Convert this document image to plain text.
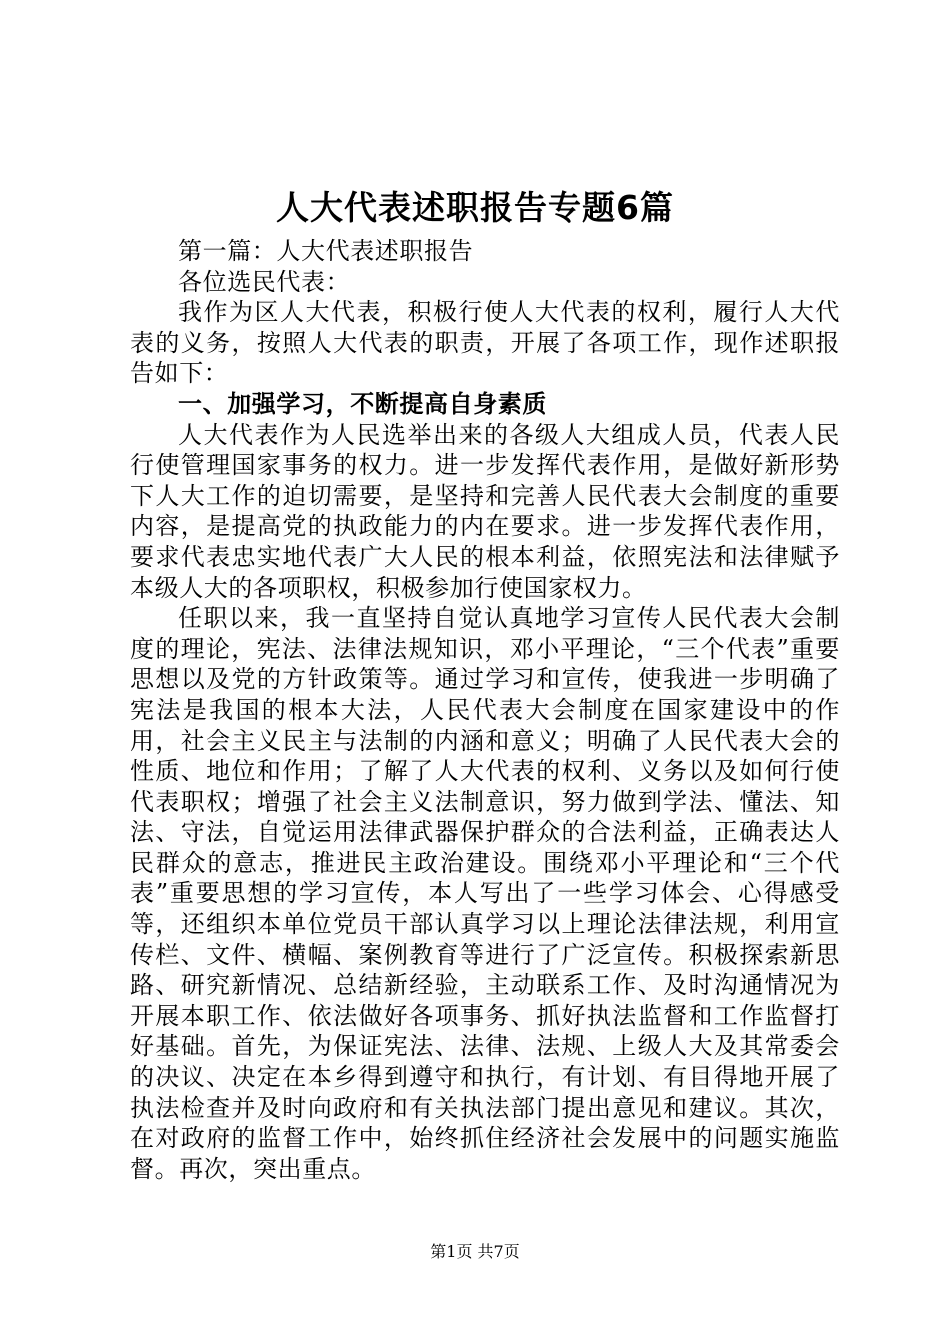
人大代表述职报告专题6篇

第一篇：人大代表述职报告

各位选民代表：

我作为区人大代表，积极行使人大代表的权利，履行人大代表的义务，按照人大代表的职责，开展了各项工作，现作述职报告如下：

一、加强学习，不断提高自身素质

人大代表作为人民选举出来的各级人大组成人员，代表人民行使管理国家事务的权力。进一步发挥代表作用，是做好新形势下人大工作的迫切需要，是坚持和完善人民代表大会制度的重要内容，是提高党的执政能力的内在要求。进一步发挥代表作用，要求代表忠实地代表广大人民的根本利益，依照宪法和法律赋予本级人大的各项职权，积极参加行使国家权力。

任职以来，我一直坚持自觉认真地学习宣传人民代表大会制度的理论，宪法、法律法规知识，邓小平理论，“三个代表”重要思想以及党的方针政策等。通过学习和宣传，使我进一步明确了宪法是我国的根本大法，人民代表大会制度在国家建设中的作用，社会主义民主与法制的内涵和意义；明确了人民代表大会的性质、地位和作用；了解了人大代表的权利、义务以及如何行使代表职权；增强了社会主义法制意识，努力做到学法、懂法、知法、守法，自觉运用法律武器保护群众的合法利益，正确表达人民群众的意志，推进民主政治建设。围绕邓小平理论和“三个代表”重要思想的学习宣传，本人写出了一些学习体会、心得感受等，还组织本单位党员干部认真学习以上理论法律法规，利用宣传栏、文件、横幅、案例教育等进行了广泛宣传。积极探索新思路、研究新情况、总结新经验，主动联系工作、及时沟通情况为开展本职工作、依法做好各项事务、抓好执法监督和工作监督打好基础。首先，为保证宪法、法律、法规、上级人大及其常委会的决议、决定在本乡得到遵守和执行，有计划、有目得地开展了执法检查并及时向政府和有关执法部门提出意见和建议。其次，在对政府的监督工作中，始终抓住经济社会发展中的问题实施监督。再次，突出重点。

第1页 共7页
